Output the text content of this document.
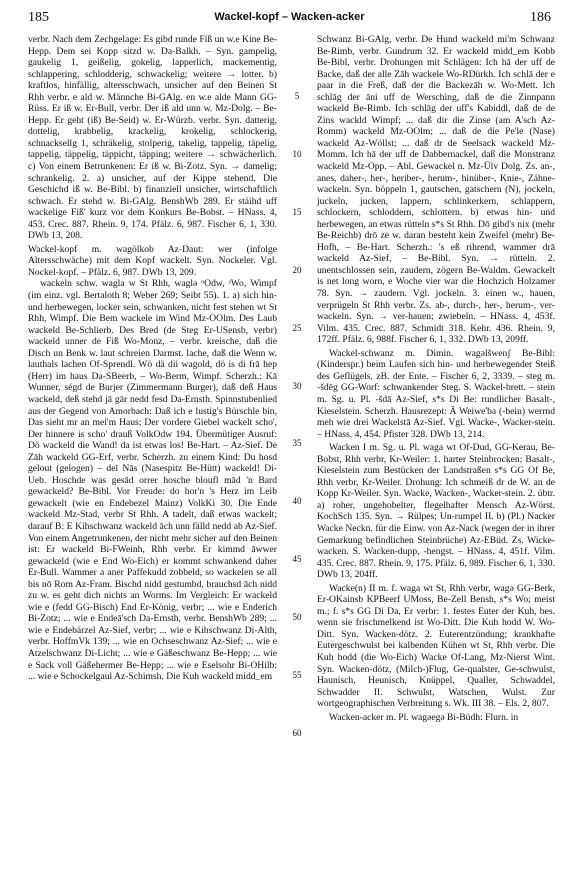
185	Wackel-kopf – Wacken-acker	186

verbr. Nach dem Zechgelage: Es gibd runde Fiß un w.e Kine Be-Hepp. Dem sei Kopp sitzd w. Da-Balkh. – Syn. gampelig, gaukelig 1, geißelig, gokelig, lapperlich, mackementig, schlappering, schlodderig, schwackelig; weitere → lotter. b) kraftlos, hinfällig, altersschwach, unsicher auf den Beinen St Rhh verbr. e ald w. Männche Bi-GAlg. en w.e alde Mann GG-Rüss. Er iß w. Er-Bull, verbr. Der iß ald unn w. Mz-Dolg. – Be-Hepp. Er geht (iß) Be-Seid) w. Er-Würzb. verbr. Syn. datterig, dottelig, krabbelig, krackelig, krokelig, schlockerig, schnacksellg 1, schräkelig, stolperig, takelig, tappelig, täpelig, tappelig, täppelig, täppicht, täpping; weitere → schwächerlich. c) Von einem Betrunkenen: Er iß w. Bi-Zotz. Syn. → damelig; schrankelig. 2. a) unsicher, auf der Kippe stehend. Die Geschichd iß w. Be-Bibl. b) finanziell unsicher, wirtschaftlich schwach. Er stehd w. Bi-GAlg. BenshWb 289. Er stäihd uff wackelige Fiß' kurz vor dem Konkurs Be-Bobst. – HNass. 4, 453. Crec. 887. Rhein. 9, 174. Pfälz. 6, 987. Fischer 6, 1, 330. DWb 13, 208.

Wackel-kopf m. wagölkob Az-Daut: wer (infolge Altersschwäche) mit dem Kopf wackelt. Syn. Nockeler. Vgl. Nockel-kopf. – Pfälz. 6, 987. DWb 13, 209.

wackeln schw. wagla w St Rhh, waglǝ ᵒOdw, ˢWo, Wimpf (im einz. vgl. Bertaloth 8; Weber 269; Seibt 55). 1. a) sich hin- und herbewegen, locker sein, schwanken, nicht fest stehen wt St Rhh, Wimpf. Die Bem wackele im Wind Mz-OOlm. Des Laub wackeld Be-Schlierb. Des Bred (de Steg Er-USensb, verbr) wackeld unner de Fiß Wo-Monz, – verbr. kreische, daß die Disch un Benk w. laut schreien Darmst. lache, daß die Wenn w. lauthals lachen Of-Sprendl. Wö dä dii wagold, dö is di frā hep (Herr) im haus Da-SBeerb, – Wo-Berm, Wimpf. Scherzh.: Kā Wunner, ségd de Burjer (Zimmermann Burger), daß deß Haus wackeld, deß stehd jā gār nedd fesd Da-Ernsth. Spinnstubenlied aus der Gegend von Amorbach: Daß ich e lustig's Bürschle bin, Das sieht mr an mei'm Haus; Der vordere Giebel wackelt scho', Der hinnere is scho' drauß VolkOdw 194. Übermütiger Ausruf: Dö wackeld die Wand! da ist etwas los! Be-Hart. – Az-Sief. De Zāh wackeld GG-Erf, verbr. Scherzh. zu einem Kind: Du hosd gelout (gelogen) – deī Nās (Nasespitz Be-Hütt) wackeld! Di-Ueb. Hoschde was gesād orrer hosche bloufl mād 'n Bard gewackeld? Be-Bibl. Vor Freude: do hor'n 's Herz im Leib gewackelt (wie en Endebezel Mainz) VolkKi 30. Die Ende wackeld Mz-Stad, verbr St Rhh. A tadelt, daß etwas wackelt; darauf B: E Kihschwanz wackeld āch unn fälld nedd ab Az-Sief. Von einem Angetrunkenen, der nicht mehr sicher auf den Beinen ist: Er wackeld Bi-FWeinh, Rhh verbr. Er kimmd āwwer gewackeld (wie e End Wo-Eich) er kommt schwankend daher Er-Bull. Wammer a aner Paffekudd zobbeld, so wackelen se all bis nō Rom Az-Fram. Bischd nidd gestumbd, brauchsd āch nidd zu w. es geht dich nichts an Worms. Im Vergleich: Er wackeld wie e (fedd GG-Bisch) End Er-König, verbr; ... wie e Enderich Bi-Zotz; ... wie e Endeā'sch Da-Ernsth, verbr. BenshWb 289; ... wie e Endebärzel Az-Sief, verbr; ... wie e Kihschwanz Di-Alth, verbr. HoffmVk 139; ... wie en Ochseschwanz Az-Sief; ... wie e Atzelschwanz Di-Licht; ... wie e Gäßeschwanz Be-Hepp; ... wie e Sack voll Gäßehermer Be-Hepp; ... wie e Eselsohr Bi-OHilb; ... wie e Schockelgaul Az-Schimsh. Die Kuh wackeld midd_em

5
10
15
20
25
30
35
40
45
50
55
60

Schwanz Bi-GAlg, verbr. De Hund wackeld mi'm Schwanz Be-Rimb, verbr. Gundrum 32. Er wackeld midd_em Kobb Be-Bibl, verbr. Drohungen mit Schlägen: Ich hā der uff de Backe, daß der alle Zāh wackele Wo-RDürkh. Ich schlā der e paar in die Freß, daß der die Backezāh w. Wo-Mett. Ich schlāg der āni uff de Wersching, daß de die Zinnpann wackeld Be-Rimb. Ich schlāg der uff's Kabiddl, daß de de Zins wackld Wimpf; ... daß dir die Zinse (am A'sch Az-Romm) wackeld Mz-OOlm; ... daß de die Pe'le (Nase) wackeld Az-Wöllst; ... daß dr de Seelsack wackeld Mz-Momm. Ich hā der uff de Dabbernackel, daß die Monstranz wackeld Mz-Opp. – Abl. Gewackel n. Mz-Ülv Dolg. Zs. an-, anes, daher-, her-, heriber-, herum-, hinüber-, Knie-, Zähne-wackeln. Syn. böppeln 1, gautschen, gatschern (N), jockeln, juckeln, jucken, lappern, schlinkerkern, schlappern, schlockern, schloddern, schlottern. b) etwas hin- und herbewegen, an etwas rütteln s*s St Rhh. Dō gibd's nix (mehr Be-Reichb) drō ze w. daran besteht kein Zweifel (mehr) Be-Hofh, – Be-Hart. Scherzh.: 's eß rihrend, wammer drā wackeld Az-Sief, – Be-Bibl. Syn. → rütteln. 2. unentschlossen sein, zaudern, zögern Be-Waldm. Gewackelt is net long worn, e Woche vier war die Hochzich Holzamer 78. Syn. → zaudern. Vgl. jockeln. 3. einen w., hauen, verprügeln St Rhh verbr. Zs. ab-, durch-, her-, herum-, ver-wackeln. Syn. → ver-hauen; zwiebeln. – HNass. 4, 453f. Vilm. 435. Crec. 887. Schmidt 318. Kehr. 436. Rhein. 9, 172ff. Pfälz. 6, 988f. Fischer 6, 1, 332. DWb 13, 209ff.

Wackel-schwanz m. Dimin. wagəlšwenʃ Be-Bibl: (Kinderspr.) beim Laufen sich hin- und herbewegender Steiß des Geflügels, zB. der Ente. – Fischer 6, 2, 3339. – steg m. -šdēg GG-Worf: schwankender Steg. S. Wackel-brett. – stein m. Sg. u. Pl. -šdā Az-Sief, s*s Di Be: rundlicher Basalt-, Kieselstein. Scherzh. Hausrezept: Ā Weiwe'ba (-bein) werrnd meh wie drei Wackelstā Az-Sief. Vgl. Wacke-, Wacker-stein. – HNass. 4, 454. Pfister 328. DWb 13, 214.

Wacken I m. Sg. u. Pl. waga wt Of-Dud, GG-Kerau, Be-Bobst, Rhh verbr, Kr-Weiler: 1. harter Steinbrocken; Basalt-, Kieselstein zum Bestücken der Landstraßen s*s GG Of Be, Rhh verbr, Kr-Weiler. Drohung: Ich schmeiß dr de W. an de Kopp Kr-Weiler. Syn. Wacke, Wacken-, Wacker-stein. 2. übtr. a) roher, ungehobelter, flegelhafter Mensch Az-Wörst. KochSch 135. Syn. → Rülpes; Un-rumpel II. b) (Pl.) Nacker Wacke Neckn. für die Einw. von Az-Nack (wegen der in ihrer Gemarkung befindlichen Steinbrüche) Az-EBüd. Zs. Wicke-wacken. S. Wacken-dupp, -hengst. – HNass. 4, 451f. Vilm. 435. Crec. 887. Rhein. 9, 175. Pfälz. 6, 989. Fischer 6, 1, 330. DWb 13, 204ff.

Wacke(n) II m. f. waga wt St, Rhh verbr, wagə GG-Berk, Er-OKainsb KPBeerf UMoss, Be-Zell Bensh, s*s Wo; meist m.; f. s*s GG Di Da, Er verbr: 1. festes Euter der Kuh, bes. wenn sie frischmelkend ist Wo-Ditt. Die Kuh hodd W. Wo-Ditt. Syn. Wacken-dötz. 2. Euterentzündung; krankhafte Eutergeschwulst bei kalbenden Kühen wt St, Rhh verbr. Die Kuh hodd (die Wo-Eich) Wacke Of-Lang, Mz-Nierst Wint. Syn. Wacken-dötz, (Milch-)Flug, Ge-qualster, Ge-schwulst, Haunisch, Heunisch, Knüppel, Qualler, Schwaddel, Schwadder II. Schwulst, Watschen, Wulst. Zur wortgeographischen Verbreitung s. Wk. III 38. – Els. 2, 807.

Wacken-acker m. Pl. wagəegə Bi-Büdh: Flurn. in
